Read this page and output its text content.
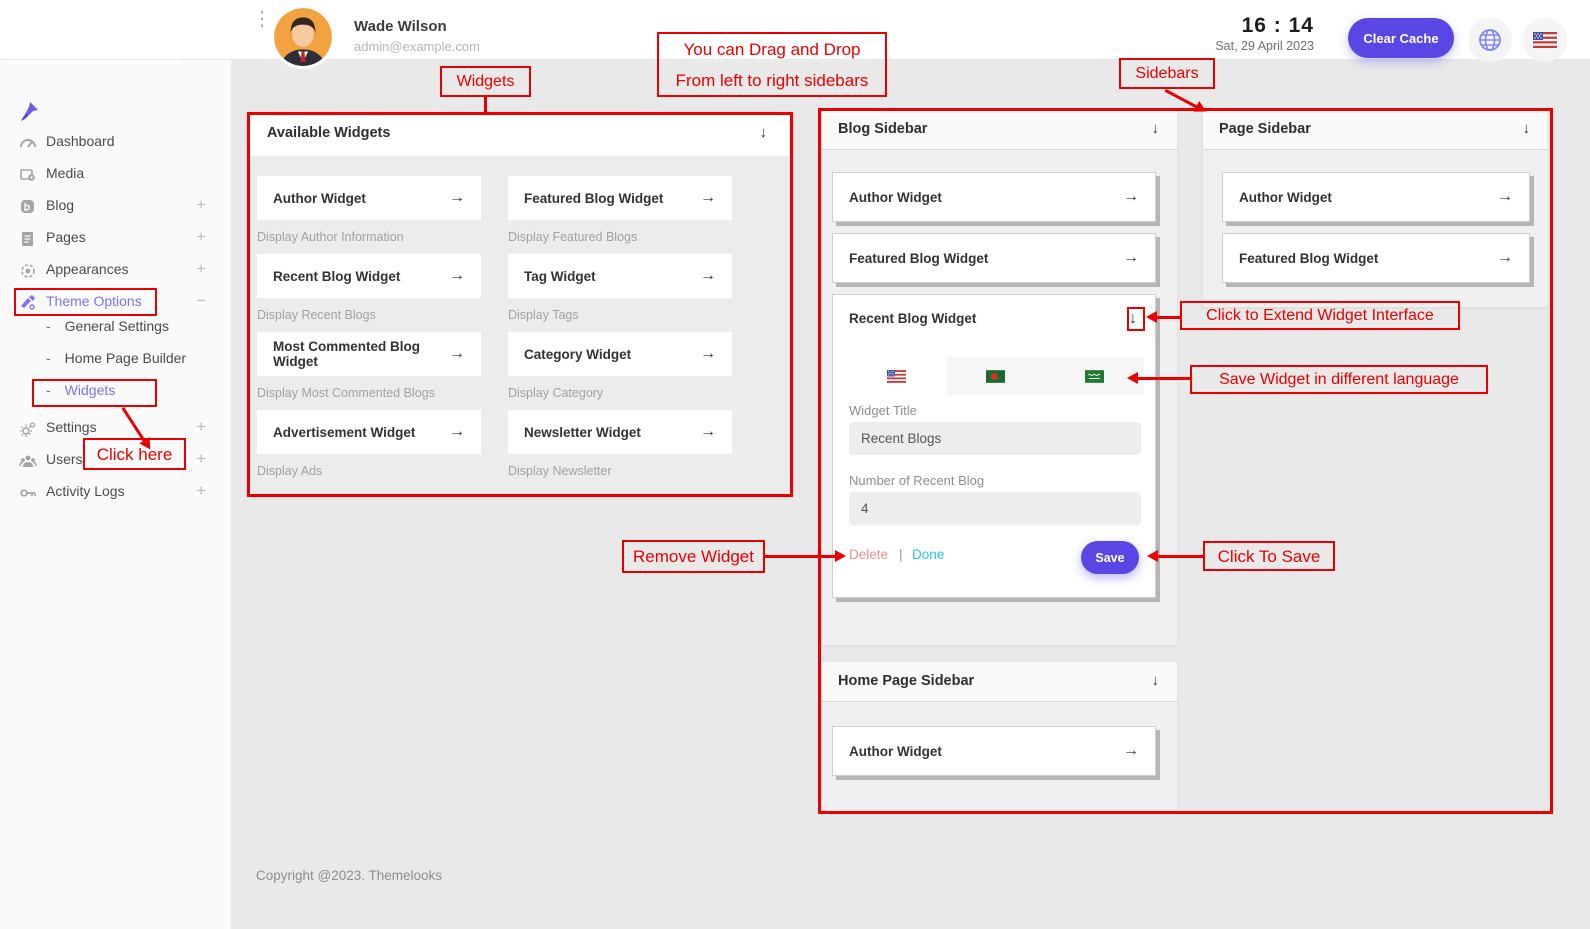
Dashboard
Media
Blog	+
Pages	+
Appearances	+
Theme Options	−
- General Settings
- Home Page Builder
- Widgets
Settings	+
Users	+
Activity Logs	+
⋮	Wade Wilson
admin@example.com
16 : 14
Sat, 29 April 2023
Clear Cache
Available Widgets	↓
Author Widget	→	Featured Blog Widget →
Display Author Information	Display Featured Blogs
Recent Blog Widget	→	Tag Widget	→
Display Recent Blogs	Display Tags
Most Commented Blog Widget	→	Category Widget	→
Display Most Commented Blogs	Display Category
Advertisement Widget →	Newsletter Widget	→
Display Ads	Display Newsletter
Blog Sidebar	↓
Author Widget	→
Featured Blog Widget	→
Recent Blog Widget	↓
Widget Title
Recent Blogs
Number of Recent Blog
4
Delete | Done	Save
Page Sidebar	↓
Author Widget	→
Featured Blog Widget	→
Home Page Sidebar	↓
Author Widget	→
Copyright @2023. Themelooks
Widgets
You can Drag and Drop
From left to right sidebars	Sidebars
Click to Extend Widget Interface
Save Widget in different language
Remove Widget	Click To Save
Click here
